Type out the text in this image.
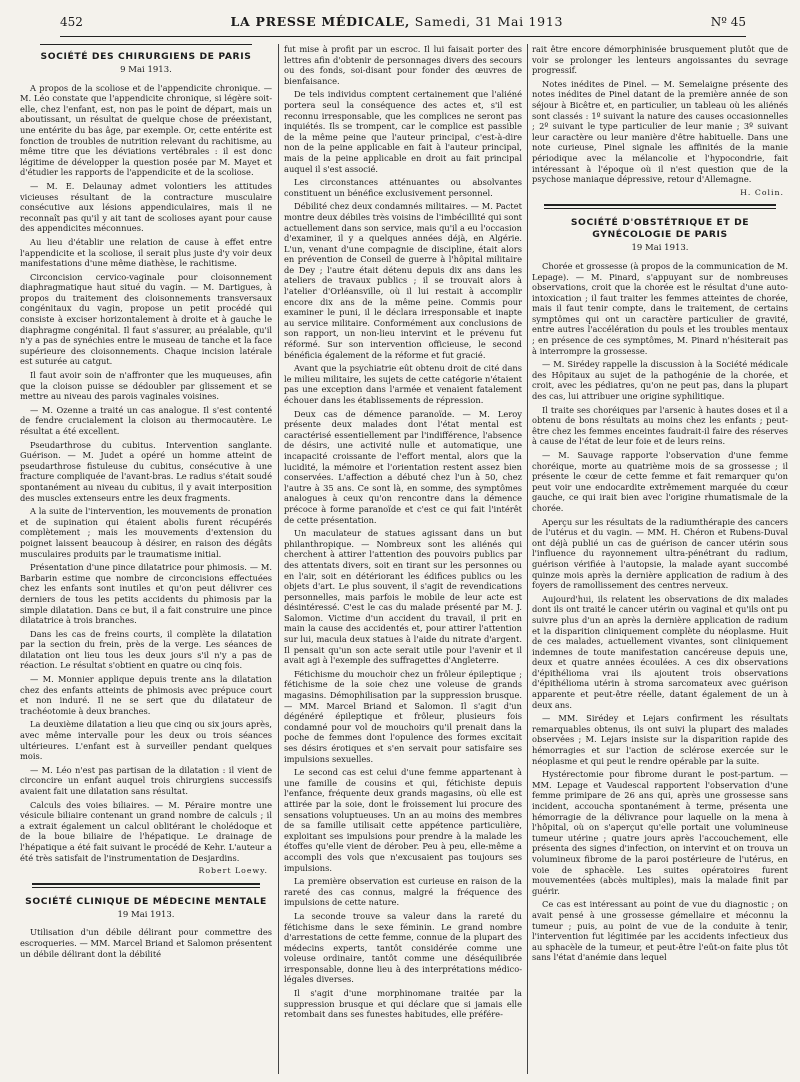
452	LA PRESSE MÉDICALE, Samedi, 31 Mai 1913	Nº 45
SOCIÉTÉ DES CHIRURGIENS DE PARIS
9 Mai 1913.

A propos de la scoliose et de l'appendicite chronique. — M. Léo constate que l'appendicite chronique, si légère soit-elle, chez l'enfant, est, non pas le point de départ, mais un aboutissant, un résultat de quelque chose de préexistant, une entérite du bas âge, par exemple. Or, cette entérite est fonction de troubles de nutrition relevant du rachitisme, au même titre que les déviations vertébrales : il est donc légitime de développer la question posée par M. Mayet et d'étudier les rapports de l'appendicite et de la scoliose.

— M. E. Delaunay admet volontiers les attitudes vicieuses résultant de la contracture musculaire consécutive aux lésions appendiculaires, mais il ne reconnaît pas qu'il y ait tant de scolioses ayant pour cause des appendicites méconnues.

Au lieu d'établir une relation de cause à effet entre l'appendicite et la scoliose, il serait plus juste d'y voir deux manifestations d'une même diathèse, le rachitisme.

Circoncision cervico-vaginale pour cloisonnement diaphragmatique haut situé du vagin. — M. Dartigues, à propos du traitement des cloisonnements transversaux congénitaux du vagin, propose un petit procédé qui consiste à exciser horizontalement à droite et à gauche le diaphragme congénital. Il faut s'assurer, au préalable, qu'il n'y a pas de synéchies entre le museau de tanche et la face supérieure des cloisonnements. Chaque incision latérale est suturée au catgut.

Il faut avoir soin de n'affronter que les muqueuses, afin que la cloison puisse se dédoubler par glissement et se mettre au niveau des parois vaginales voisines.

— M. Ozenne a traité un cas analogue. Il s'est contenté de fendre crucialement la cloison au thermocautère. Le résultat a été excellent.

Pseudarthrose du cubitus. Intervention sanglante. Guérison. — M. Judet a opéré un homme atteint de pseudarthrose fistuleuse du cubitus, consécutive à une fracture compliquée de l'avant-bras. Le radius s'était soudé spontanément au niveau du cubitus, il y avait interposition des muscles extenseurs entre les deux fragments.

A la suite de l'intervention, les mouvements de pronation et de supination qui étaient abolis furent récupérés complètement ; mais les mouvements d'extension du poignet laissent beaucoup à désirer, en raison des dégâts musculaires produits par le traumatisme initial.

Présentation d'une pince dilatatrice pour phimosis. — M. Barbarin estime que nombre de circoncisions effectuées chez les enfants sont inutiles et qu'on peut délivrer ces derniers de tous les petits accidents du phimosis par la simple dilatation. Dans ce but, il a fait construire une pince dilatatrice à trois branches.

Dans les cas de freins courts, il complète la dilatation par la section du frein, près de la verge. Les séances de dilatation ont lieu tous les deux jours s'il n'y a pas de réaction. Le résultat s'obtient en quatre ou cinq fois.

— M. Monnier applique depuis trente ans la dilatation chez des enfants atteints de phimosis avec prépuce court et non induré. Il ne se sert que du dilatateur de trachéotomie à deux branches.

La deuxième dilatation a lieu que cinq ou six jours après, avec même intervalle pour les deux ou trois séances ultérieures. L'enfant est à surveiller pendant quelques mois.

— M. Léo n'est pas partisan de la dilatation : il vient de circoncire un enfant auquel trois chirurgiens successifs avaient fait une dilatation sans résultat.

Calculs des voies biliaires. — M. Péraire montre une vésicule biliaire contenant un grand nombre de calculs ; il a extrait également un calcul oblitérant le cholédoque et de la boue biliaire de l'hépatique. Le drainage de l'hépatique a été fait suivant le procédé de Kehr. L'auteur a été très satisfait de l'instrumentation de Desjardins.

Robert Loewy.
SOCIÉTÉ CLINIQUE DE MÉDECINE MENTALE
19 Mai 1913.

Utilisation d'un débile délirant pour commettre des escroqueries. — MM. Marcel Briand et Salomon présentent un débile délirant dont la débilité

fut mise à profit par un escroc. Il lui faisait porter des lettres afin d'obtenir de personnages divers des secours ou des fonds, soi-disant pour fonder des œuvres de bienfaisance.

De tels individus comptent certainement que l'aliéné portera seul la conséquence des actes et, s'il est reconnu irresponsable, que les complices ne seront pas inquiétés. Ils se trompent, car le complice est passible de la même peine que l'auteur principal, c'est-à-dire non de la peine applicable en fait à l'auteur principal, mais de la peine applicable en droit au fait principal auquel il s'est associé.

Les circonstances atténuantes ou absolvantes constituent un bénéfice exclusivement personnel.

Débilité chez deux condamnés militaires. — M. Pactet montre deux débiles très voisins de l'imbécillité qui sont actuellement dans son service, mais qu'il a eu l'occasion d'examiner, il y a quelques années déjà, en Algérie. L'un, venant d'une compagnie de discipline, était alors en prévention de Conseil de guerre à l'hôpital militaire de Dey ; l'autre était détenu depuis dix ans dans les ateliers de travaux publics ; il se trouvait alors à l'atelier d'Orléansville, où il lui restait à accomplir encore dix ans de la même peine. Commis pour examiner le puni, il le déclara irresponsable et inapte au service militaire. Conformément aux conclusions de son rapport, un non-lieu intervint et le prévenu fut réformé. Sur son intervention officieuse, le second bénéficia également de la réforme et fut gracié.

Avant que la psychiatrie eût obtenu droit de cité dans le milieu militaire, les sujets de cette catégorie n'étaient pas une exception dans l'armée et venaient fatalement échouer dans les établissements de répression.

Deux cas de démence paranoïde. — M. Leroy présente deux malades dont l'état mental est caractérisé essentiellement par l'indifférence, l'absence de désirs, une activité nulle et automatique, une incapacité croissante de l'effort mental, alors que la lucidité, la mémoire et l'orientation restent assez bien conservées. L'affection a débuté chez l'un à 50, chez l'autre à 35 ans. Ce sont là, en somme, des symptômes analogues à ceux qu'on rencontre dans la démence précoce à forme paranoïde et c'est ce qui fait l'intérêt de cette présentation.

Un maculateur de statues agissant dans un but philanthropique. — Nombreux sont les aliénés qui cherchent à attirer l'attention des pouvoirs publics par des attentats divers, soit en tirant sur les personnes ou en l'air, soit en détériorant les édifices publics ou les objets d'art. Le plus souvent, il s'agit de revendications personnelles, mais parfois le mobile de leur acte est désintéressé. C'est le cas du malade présenté par M. J. Salomon. Victime d'un accident du travail, il prit en main la cause des accidentés et, pour attirer l'attention sur lui, macula deux statues à l'aide du nitrate d'argent. Il pensait qu'un son acte serait utile pour l'avenir et il avait agi à l'exemple des suffragettes d'Angleterre.

Fétichisme du mouchoir chez un frôleur épileptique ; fétichisme de la soie chez une voleuse de grands magasins. Démophilisation par la suppression brusque. — MM. Marcel Briand et Salomon. Il s'agit d'un dégénéré épileptique et frôleur, plusieurs fois condamné pour vol de mouchoirs qu'il prenait dans la poche de femmes dont l'opulence des formes excitait ses désirs érotiques et s'en servait pour satisfaire ses impulsions sexuelles.

Le second cas est celui d'une femme appartenant à une famille de cousins et qui, fétichiste depuis l'enfance, fréquente deux grands magasins, où elle est attirée par la soie, dont le froissement lui procure des sensations voluptueuses. Un an au moins des membres de sa famille utilisait cette appétence particulière, exploitant ses impulsions pour prendre à la malade les étoffes qu'elle vient de dérober. Peu à peu, elle-même a accompli des vols que n'excusaient pas toujours ses impulsions.

La première observation est curieuse en raison de la rareté des cas connus, malgré la fréquence des impulsions de cette nature.

La seconde trouve sa valeur dans la rareté du fétichisme dans le sexe féminin. Le grand nombre d'arrestations de cette femme, connue de la plupart des médecins experts, tantôt considérée comme une voleuse ordinaire, tantôt comme une déséquilibrée irresponsable, donne lieu à des interprétations médico-légales diverses.

Il s'agit d'une morphinomane traitée par la suppression brusque et qui déclare que si jamais elle retombait dans ses funestes habitudes, elle préfére-

rait être encore démorphinisée brusquement plutôt que de voir se prolonger les lenteurs angoissantes du sevrage progressif.

Notes inédites de Pinel. — M. Semelaigne présente des notes inédites de Pinel datant de la première année de son séjour à Bicêtre et, en particulier, un tableau où les aliénés sont classés : 1º suivant la nature des causes occasionnelles ; 2º suivant le type particulier de leur manie ; 3º suivant leur caractère ou leur manière d'être habituelle. Dans une note curieuse, Pinel signale les affinités de la manie périodique avec la mélancolie et l'hypocondrie, fait intéressant à l'époque où il n'est question que de la psychose maniaque dépressive, retour d'Allemagne.

H. Colin.
SOCIÉTÉ D'OBSTÉTRIQUE ET DE GYNÉCOLOGIE DE PARIS
19 Mai 1913.

Chorée et grossesse (à propos de la communication de M. Lepage). — M. Pinard, s'appuyant sur de nombreuses observations, croit que la chorée est le résultat d'une auto-intoxication ; il faut traiter les femmes atteintes de chorée, mais il faut tenir compte, dans le traitement, de certains symptômes qui ont un caractère particulier de gravité, entre autres l'accélération du pouls et les troubles mentaux ; en présence de ces symptômes, M. Pinard n'hésiterait pas à interrompre la grossesse.

— M. Sirédey rappelle la discussion à la Société médicale des Hôpitaux au sujet de la pathogénie de la chorée, et croit, avec les pédiatres, qu'on ne peut pas, dans la plupart des cas, lui attribuer une origine syphilitique.

Il traite ses choréiques par l'arsenic à hautes doses et il a obtenu de bons résultats au moins chez les enfants ; peut-être chez les femmes enceintes faudrait-il faire des réserves à cause de l'état de leur foie et de leurs reins.

— M. Sauvage rapporte l'observation d'une femme choréique, morte au quatrième mois de sa grossesse ; il présente le cœur de cette femme et fait remarquer qu'on peut voir une endocardite extrêmement marquée du cœur gauche, ce qui irait bien avec l'origine rhumatismale de la chorée.

Aperçu sur les résultats de la radiumthérapie des cancers de l'utérus et du vagin. — MM. H. Chéron et Rubens-Duval ont déjà publié un cas de guérison de cancer utérin sous l'influence du rayonnement ultra-pénétrant du radium, guérison vérifiée à l'autopsie, la malade ayant succombé quinze mois après la dernière application de radium à des foyers de ramollissement des centres nerveux.

Aujourd'hui, ils relatent les observations de dix malades dont ils ont traité le cancer utérin ou vaginal et qu'ils ont pu suivre plus d'un an après la dernière application de radium et la disparition cliniquement complète du néoplasme. Huit de ces malades, actuellement vivantes, sont cliniquement indemnes de toute manifestation cancéreuse depuis une, deux et quatre années écoulées. A ces dix observations d'épithélioma vrai ils ajoutent trois observations d'épithélioma utérin à stroma sarcomateux avec guérison apparente et peut-être réelle, datant également de un à deux ans.

— MM. Sirédey et Lejars confirment les résultats remarquables obtenus, ils ont suivi la plupart des malades observées ; M. Lejars insiste sur la disparition rapide des hémorragies et sur l'action de sclérose exercée sur le néoplasme et qui peut le rendre opérable par la suite.

Hystérectomie pour fibrome durant le post-partum. — MM. Lepage et Vaudescal rapportent l'observation d'une femme primipare de 26 ans qui, après une grossesse sans incident, accoucha spontanément à terme, présenta une hémorragie de la délivrance pour laquelle on la mena à l'hôpital, où on s'aperçut qu'elle portait une volumineuse tumeur utérine ; quatre jours après l'accouchement, elle présenta des signes d'infection, on intervint et on trouva un volumineux fibrome de la paroi postérieure de l'utérus, en voie de sphacèle. Les suites opératoires furent mouvementées (abcès multiples), mais la malade finit par guérir.

Ce cas est intéressant au point de vue du diagnostic ; on avait pensé à une grossesse gémellaire et méconnu la tumeur ; puis, au point de vue de la conduite à tenir, l'intervention fut légitimée par les accidents infectieux dus au sphacèle de la tumeur, et peut-être l'eût-on faite plus tôt sans l'état d'anémie dans lequel
